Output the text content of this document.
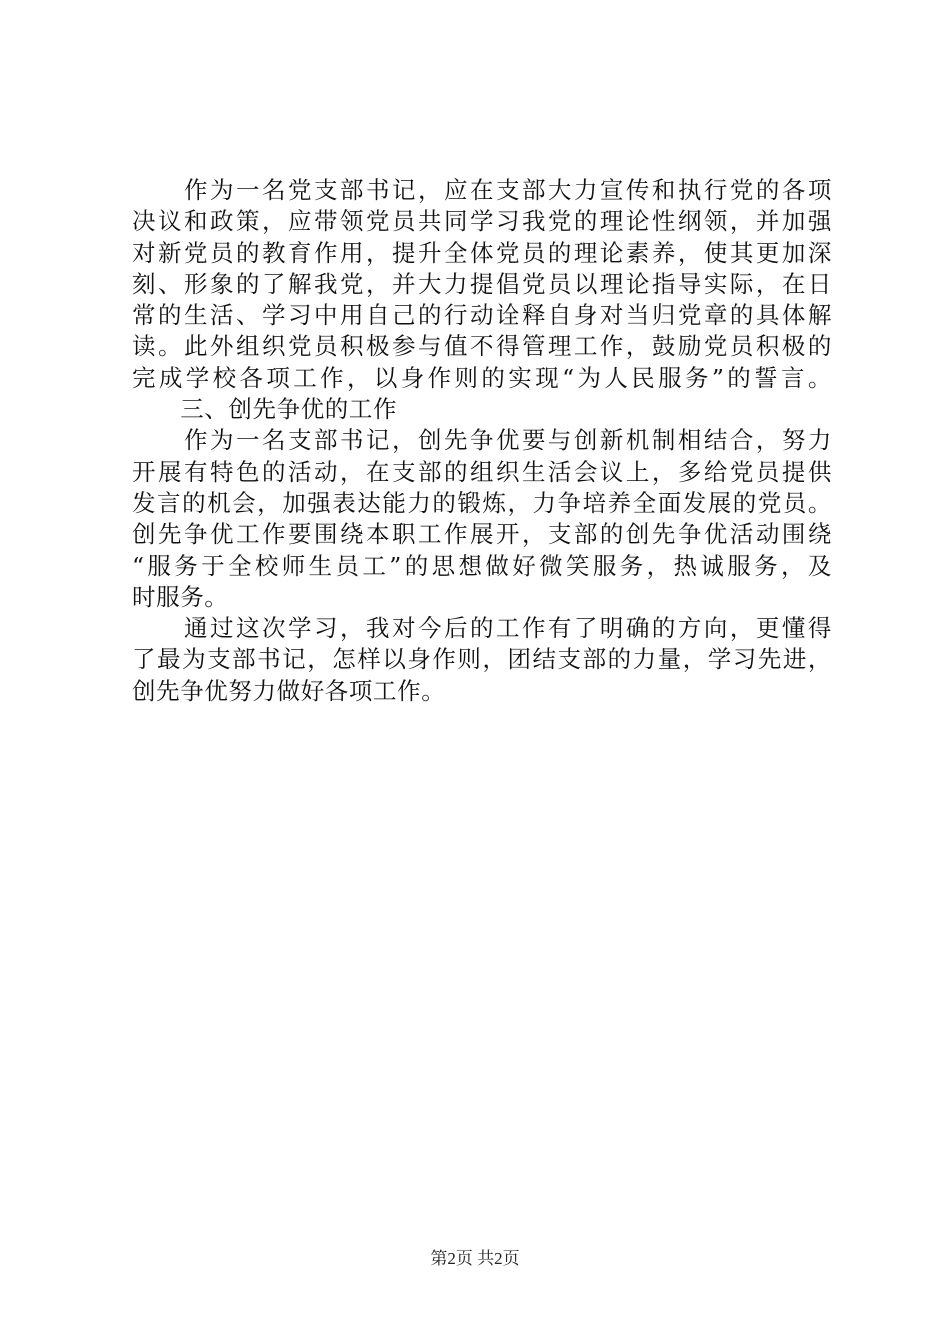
　　作为一名党支部书记，应在支部大力宣传和执行党的各项
决议和政策，应带领党员共同学习我党的理论性纲领，并加强
对新党员的教育作用，提升全体党员的理论素养，使其更加深
刻、形象的了解我党，并大力提倡党员以理论指导实际，在日
常的生活、学习中用自己的行动诠释自身对当归党章的具体解
读。此外组织党员积极参与值不得管理工作，鼓励党员积极的
完成学校各项工作，以身作则的实现“为人民服务”的誓言。
　　三、创先争优的工作
　　作为一名支部书记，创先争优要与创新机制相结合，努力
开展有特色的活动，在支部的组织生活会议上，多给党员提供
发言的机会，加强表达能力的锻炼，力争培养全面发展的党员。
创先争优工作要围绕本职工作展开，支部的创先争优活动围绕
“服务于全校师生员工”的思想做好微笑服务，热诚服务，及
时服务。
　　通过这次学习，我对今后的工作有了明确的方向，更懂得
了最为支部书记，怎样以身作则，团结支部的力量，学习先进，
创先争优努力做好各项工作。
第2页 共2页
